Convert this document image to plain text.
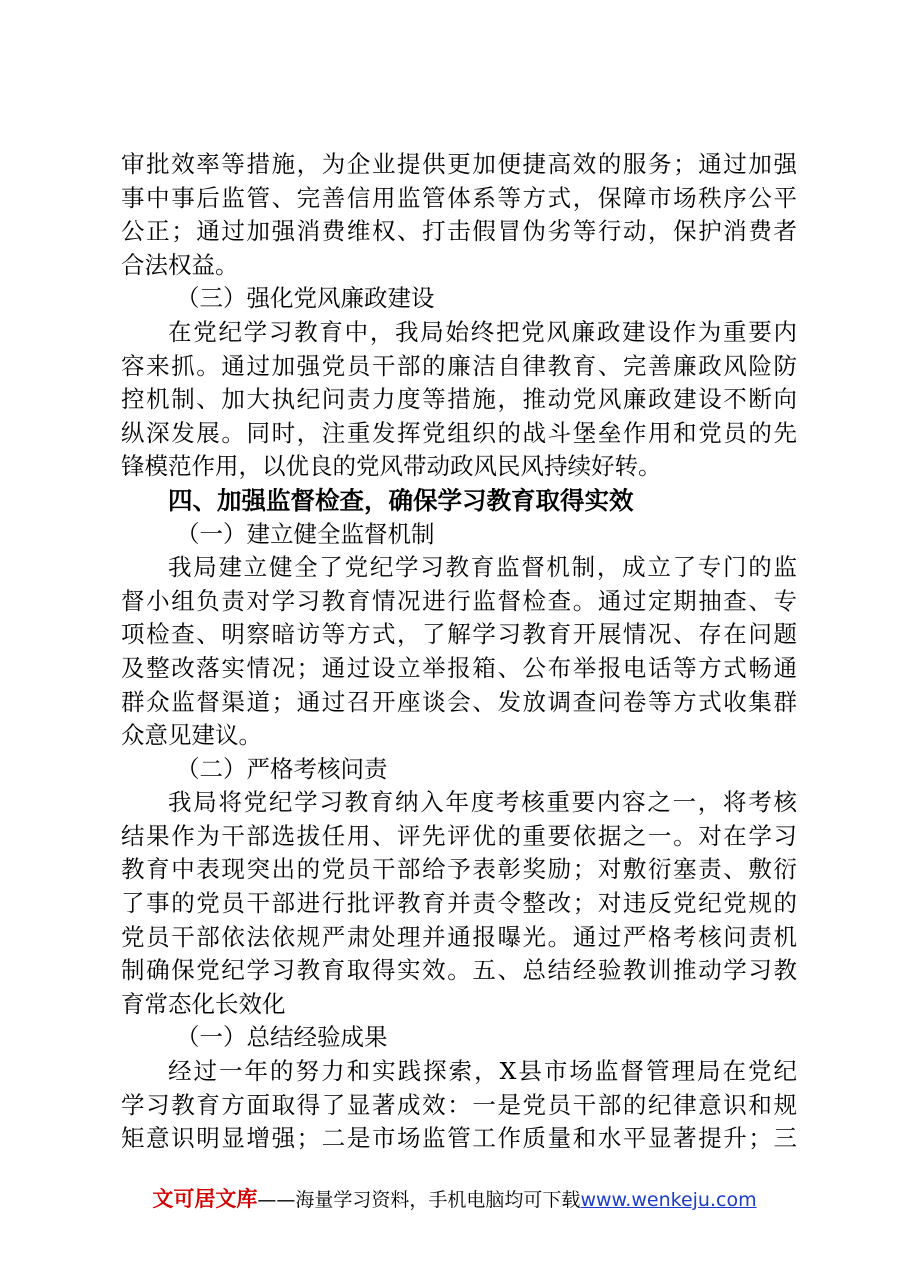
审批效率等措施，为企业提供更加便捷高效的服务；通过加强
事中事后监管、完善信用监管体系等方式，保障市场秩序公平
公正；通过加强消费维权、打击假冒伪劣等行动，保护消费者
合法权益。
（三）强化党风廉政建设
在党纪学习教育中，我局始终把党风廉政建设作为重要内
容来抓。通过加强党员干部的廉洁自律教育、完善廉政风险防
控机制、加大执纪问责力度等措施，推动党风廉政建设不断向
纵深发展。同时，注重发挥党组织的战斗堡垒作用和党员的先
锋模范作用，以优良的党风带动政风民风持续好转。
四、加强监督检查，确保学习教育取得实效
（一）建立健全监督机制
我局建立健全了党纪学习教育监督机制，成立了专门的监
督小组负责对学习教育情况进行监督检查。通过定期抽查、专
项检查、明察暗访等方式，了解学习教育开展情况、存在问题
及整改落实情况；通过设立举报箱、公布举报电话等方式畅通
群众监督渠道；通过召开座谈会、发放调查问卷等方式收集群
众意见建议。
（二）严格考核问责
我局将党纪学习教育纳入年度考核重要内容之一，将考核
结果作为干部选拔任用、评先评优的重要依据之一。对在学习
教育中表现突出的党员干部给予表彰奖励；对敷衍塞责、敷衍
了事的党员干部进行批评教育并责令整改；对违反党纪党规的
党员干部依法依规严肃处理并通报曝光。通过严格考核问责机
制确保党纪学习教育取得实效。五、总结经验教训推动学习教
育常态化长效化
（一）总结经验成果
经过一年的努力和实践探索，X县市场监督管理局在党纪
学习教育方面取得了显著成效：一是党员干部的纪律意识和规
矩意识明显增强；二是市场监管工作质量和水平显著提升；三
文可居文库——海量学习资料，手机电脑均可下载www.wenkeju.com
